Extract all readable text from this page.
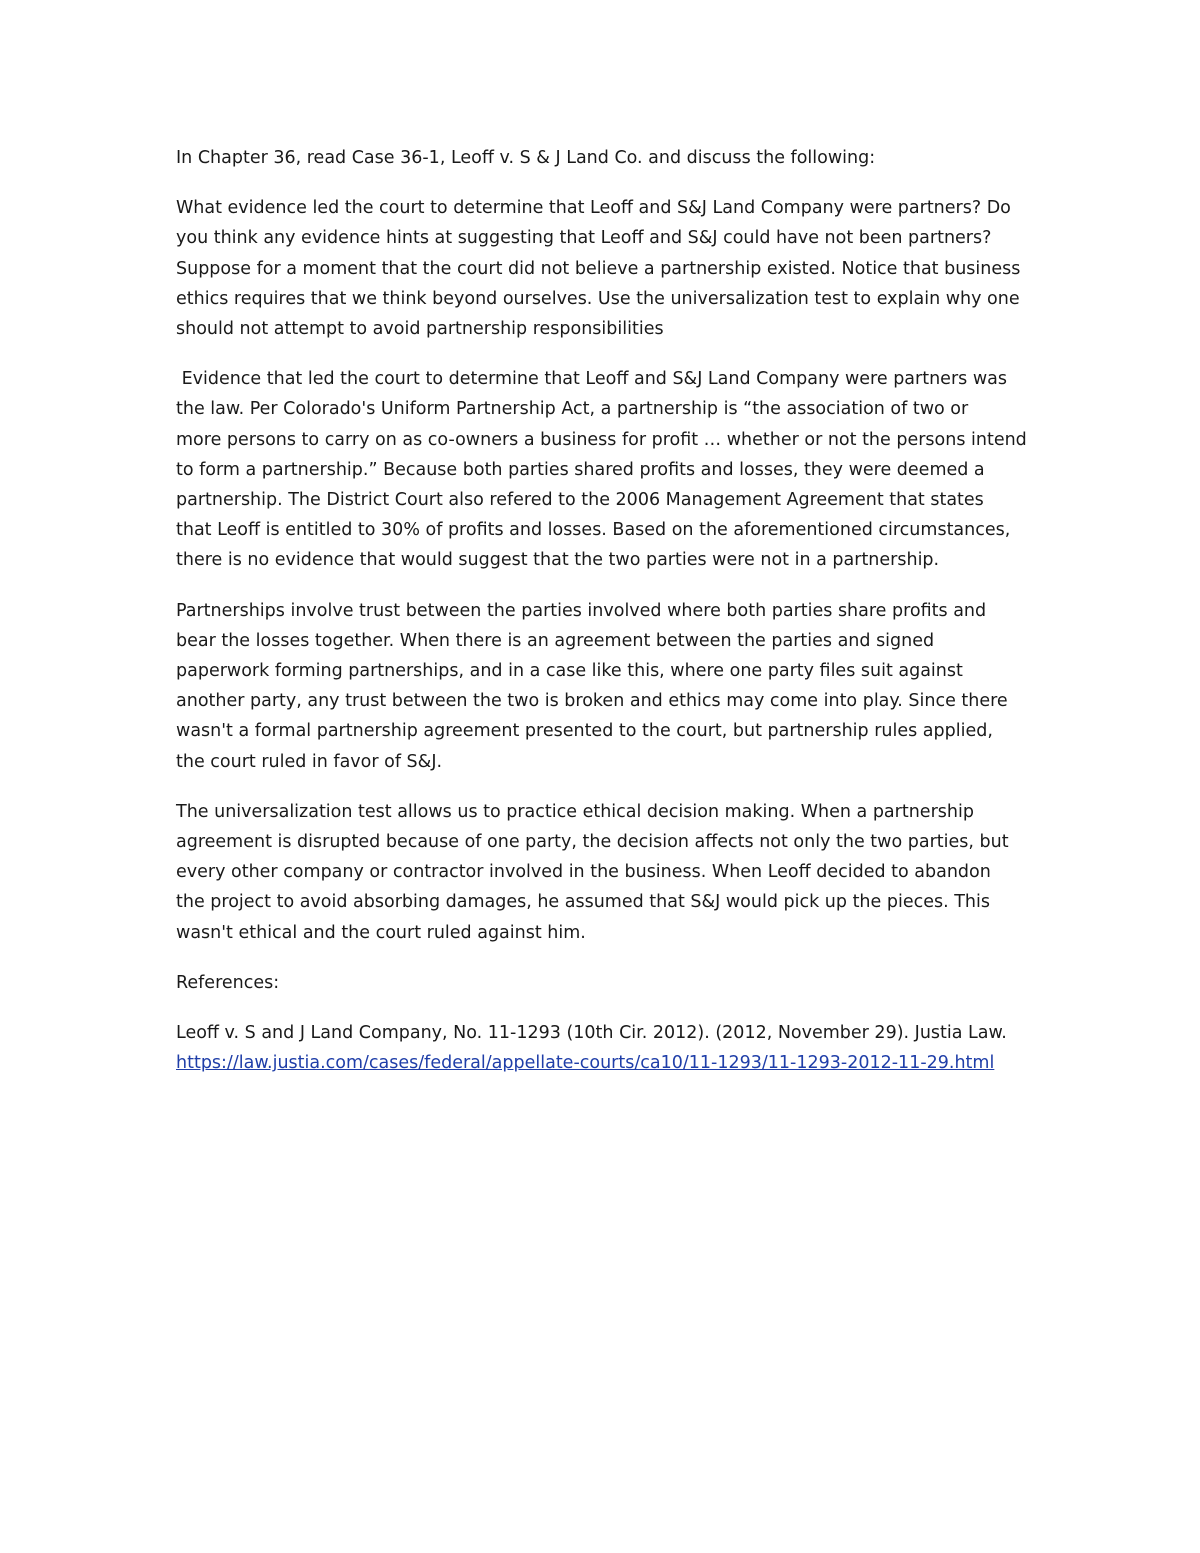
In Chapter 36, read Case 36-1, Leoff v. S & J Land Co. and discuss the following:

What evidence led the court to determine that Leoff and S&J Land Company were partners? Do
you think any evidence hints at suggesting that Leoff and S&J could have not been partners?
Suppose for a moment that the court did not believe a partnership existed. Notice that business
ethics requires that we think beyond ourselves. Use the universalization test to explain why one
should not attempt to avoid partnership responsibilities

Evidence that led the court to determine that Leoff and S&J Land Company were partners was
the law. Per Colorado's Uniform Partnership Act, a partnership is “the association of two or
more persons to carry on as co-owners a business for profit … whether or not the persons intend
to form a partnership.” Because both parties shared profits and losses, they were deemed a
partnership. The District Court also refered to the 2006 Management Agreement that states
that Leoff is entitled to 30% of profits and losses. Based on the aforementioned circumstances,
there is no evidence that would suggest that the two parties were not in a partnership.

Partnerships involve trust between the parties involved where both parties share profits and
bear the losses together. When there is an agreement between the parties and signed
paperwork forming partnerships, and in a case like this, where one party files suit against
another party, any trust between the two is broken and ethics may come into play. Since there
wasn't a formal partnership agreement presented to the court, but partnership rules applied,
the court ruled in favor of S&J.

The universalization test allows us to practice ethical decision making. When a partnership
agreement is disrupted because of one party, the decision affects not only the two parties, but
every other company or contractor involved in the business. When Leoff decided to abandon
the project to avoid absorbing damages, he assumed that S&J would pick up the pieces. This
wasn't ethical and the court ruled against him.

References:

Leoff v. S and J Land Company, No. 11-1293 (10th Cir. 2012). (2012, November 29). Justia Law.
https://law.justia.com/cases/federal/appellate-courts/ca10/11-1293/11-1293-2012-11-29.html
